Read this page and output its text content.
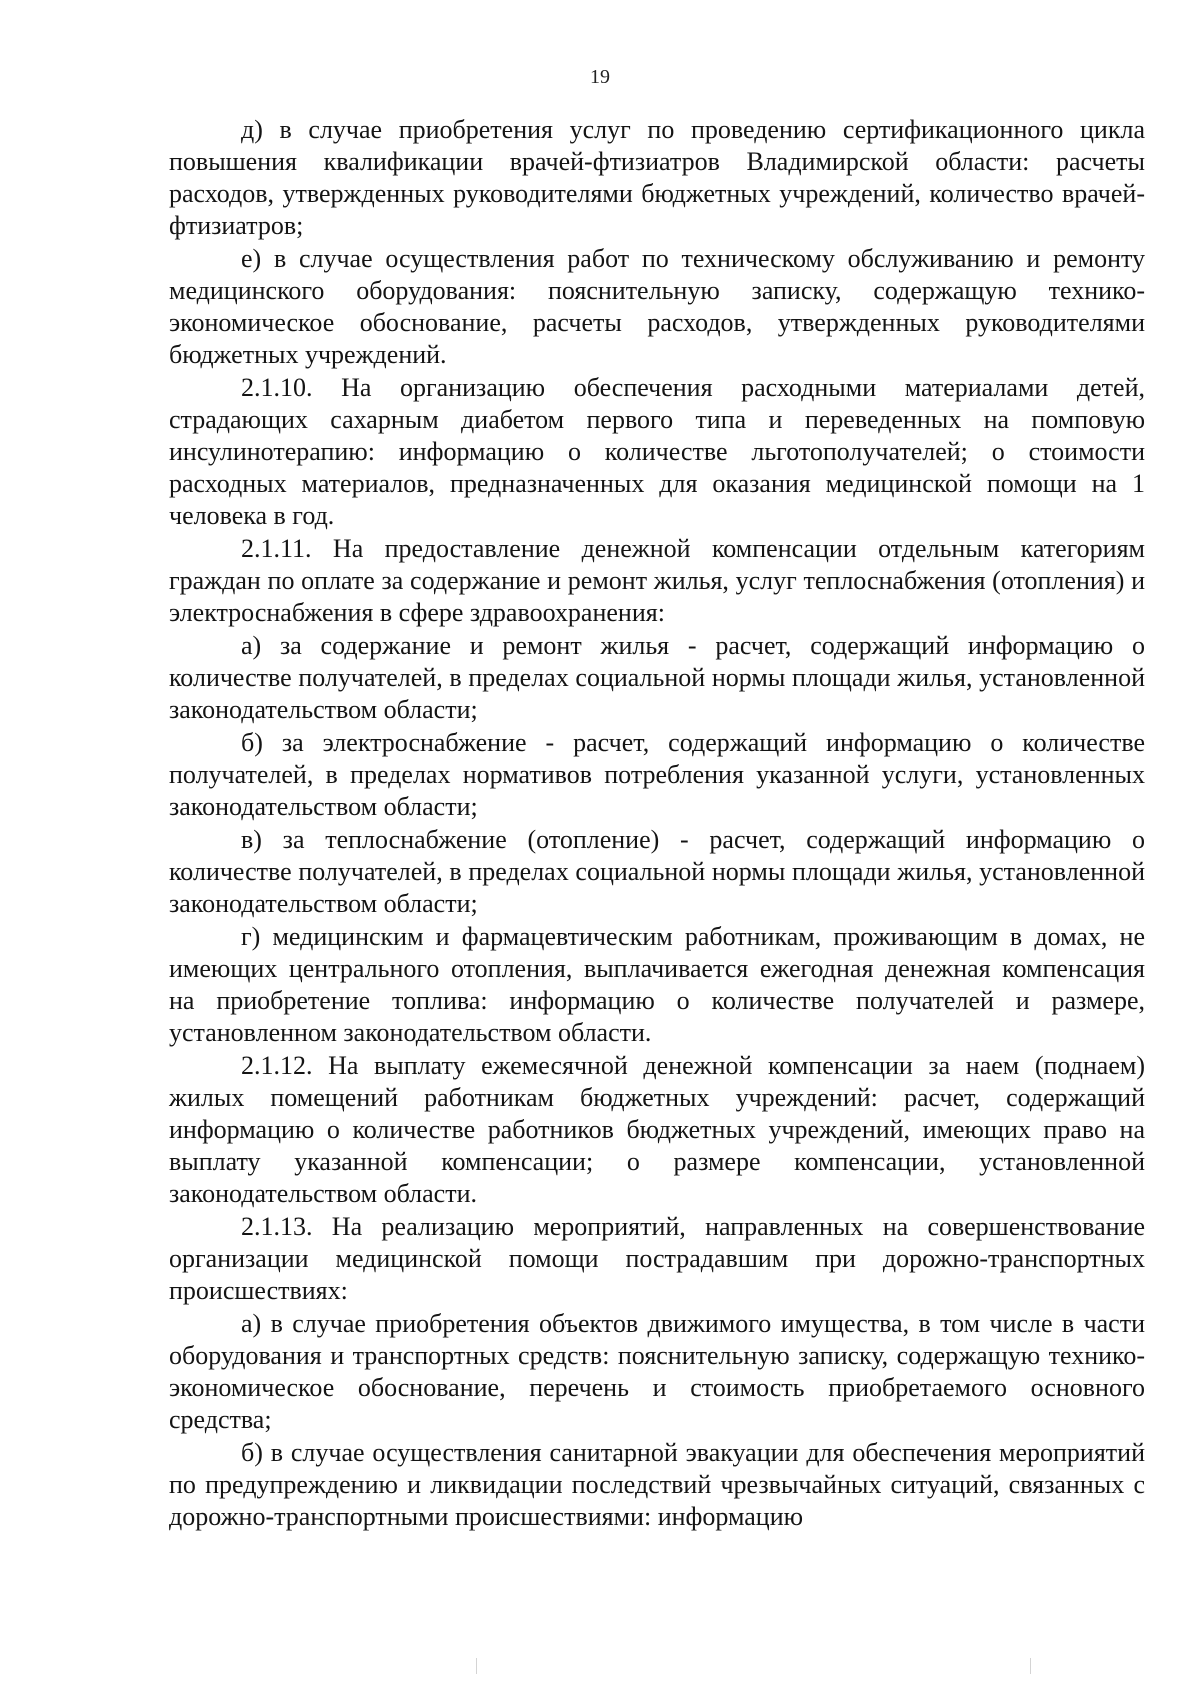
19

д) в случае приобретения услуг по проведению сертификационного цикла повышения квалификации врачей-фтизиатров Владимирской области: расчеты расходов, утвержденных руководителями бюджетных учреждений, количество врачей-фтизиатров;

е) в случае осуществления работ по техническому обслуживанию и ремонту медицинского оборудования: пояснительную записку, содержащую технико-экономическое обоснование, расчеты расходов, утвержденных руководителями бюджетных учреждений.

2.1.10. На организацию обеспечения расходными материалами детей, страдающих сахарным диабетом первого типа и переведенных на помповую инсулинотерапию: информацию о количестве льготополучателей; о стоимости расходных материалов, предназначенных для оказания медицинской помощи на 1 человека в год.

2.1.11. На предоставление денежной компенсации отдельным категориям граждан по оплате за содержание и ремонт жилья, услуг теплоснабжения (отопления) и электроснабжения в сфере здравоохранения:

а) за содержание и ремонт жилья - расчет, содержащий информацию о количестве получателей, в пределах социальной нормы площади жилья, установленной законодательством области;

б) за электроснабжение - расчет, содержащий информацию о количестве получателей, в пределах нормативов потребления указанной услуги, установленных законодательством области;

в) за теплоснабжение (отопление) - расчет, содержащий информацию о количестве получателей, в пределах социальной нормы площади жилья, установленной законодательством области;

г) медицинским и фармацевтическим работникам, проживающим в домах, не имеющих центрального отопления, выплачивается ежегодная денежная компенсация на приобретение топлива: информацию о количестве получателей и размере, установленном законодательством области.

2.1.12. На выплату ежемесячной денежной компенсации за наем (поднаем) жилых помещений работникам бюджетных учреждений: расчет, содержащий информацию о количестве работников бюджетных учреждений, имеющих право на выплату указанной компенсации; о размере компенсации, установленной законодательством области.

2.1.13. На реализацию мероприятий, направленных на совершенствование организации медицинской помощи пострадавшим при дорожно-транспортных происшествиях:

а) в случае приобретения объектов движимого имущества, в том числе в части оборудования и транспортных средств: пояснительную записку, содержащую технико-экономическое обоснование, перечень и стоимость приобретаемого основного средства;

б) в случае осуществления санитарной эвакуации для обеспечения мероприятий по предупреждению и ликвидации последствий чрезвычайных ситуаций, связанных с дорожно-транспортными происшествиями: информацию
